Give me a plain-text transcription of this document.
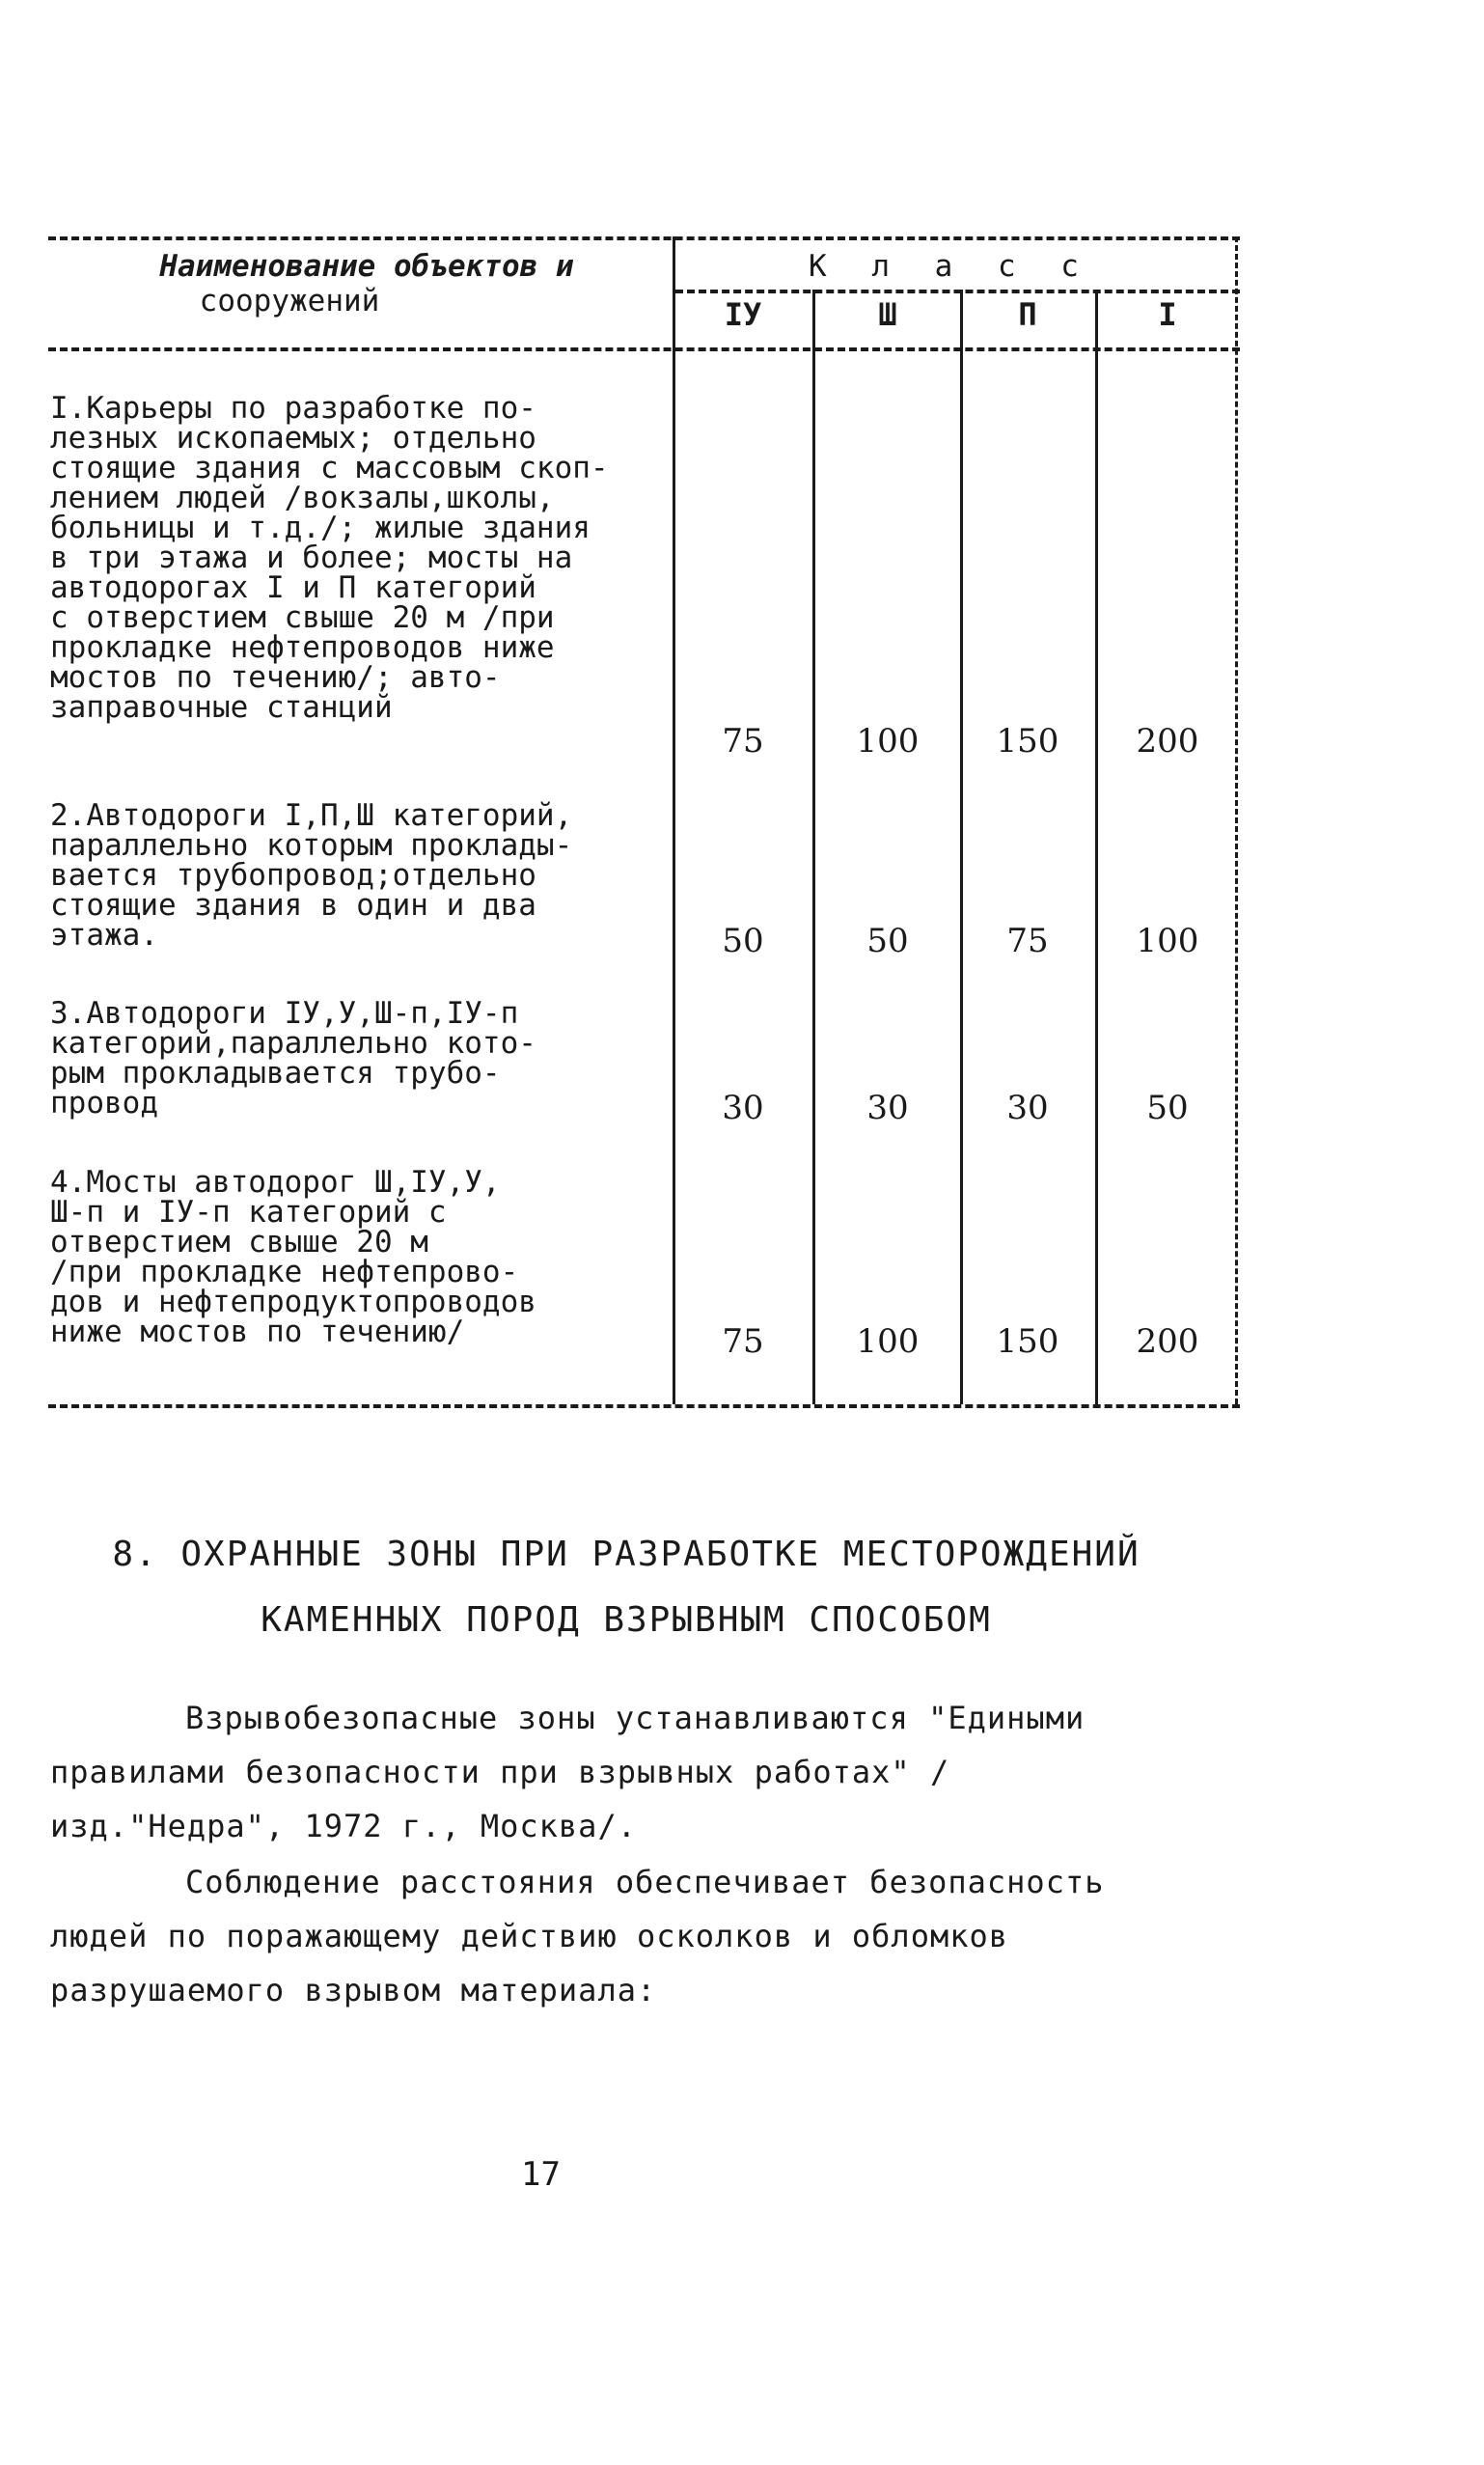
Наименование объектов и
сооружений
К л а с с
IУ	Ш	П	I
I.Карьеры по разработке по-
лезных ископаемых; отдельно
стоящие здания с массовым скоп-
лением людей /вокзалы,школы,
больницы и т.д./; жилые здания
в три этажа и более; мосты на
автодорогах I и П категорий
с отверстием свыше 20 м /при
прокладке нефтепроводов ниже
мостов по течению/; авто-
заправочные станций
75	100	150	200
2.Автодороги I,П,Ш категорий,
параллельно которым проклады-
вается трубопровод;отдельно
стоящие здания в один и два
этажа.	50	50	75	100
3.Автодороги IУ,У,Ш-п,IУ-п
категорий,параллельно кото-
рым прокладывается трубо-
провод	30	30	30	50
4.Мосты автодорог Ш,IУ,У,
Ш-п и IУ-п категорий с
отверстием свыше 20 м
/при прокладке нефтепрово-
дов и нефтепродуктопроводов
ниже мостов по течению/	75	100	150	200
8. ОХРАННЫЕ ЗОНЫ ПРИ РАЗРАБОТКЕ МЕСТОРОЖДЕНИЙ
КАМЕННЫХ ПОРОД ВЗРЫВНЫМ СПОСОБОМ
Взрывобезопасные зоны устанавливаются "Едиными правилами безопасности при взрывных работах" /изд."Недра", 1972 г., Москва/.
Соблюдение расстояния обеспечивает безопасность людей по поражающему действию осколков и обломков разрушаемого взрывом материала:
17
